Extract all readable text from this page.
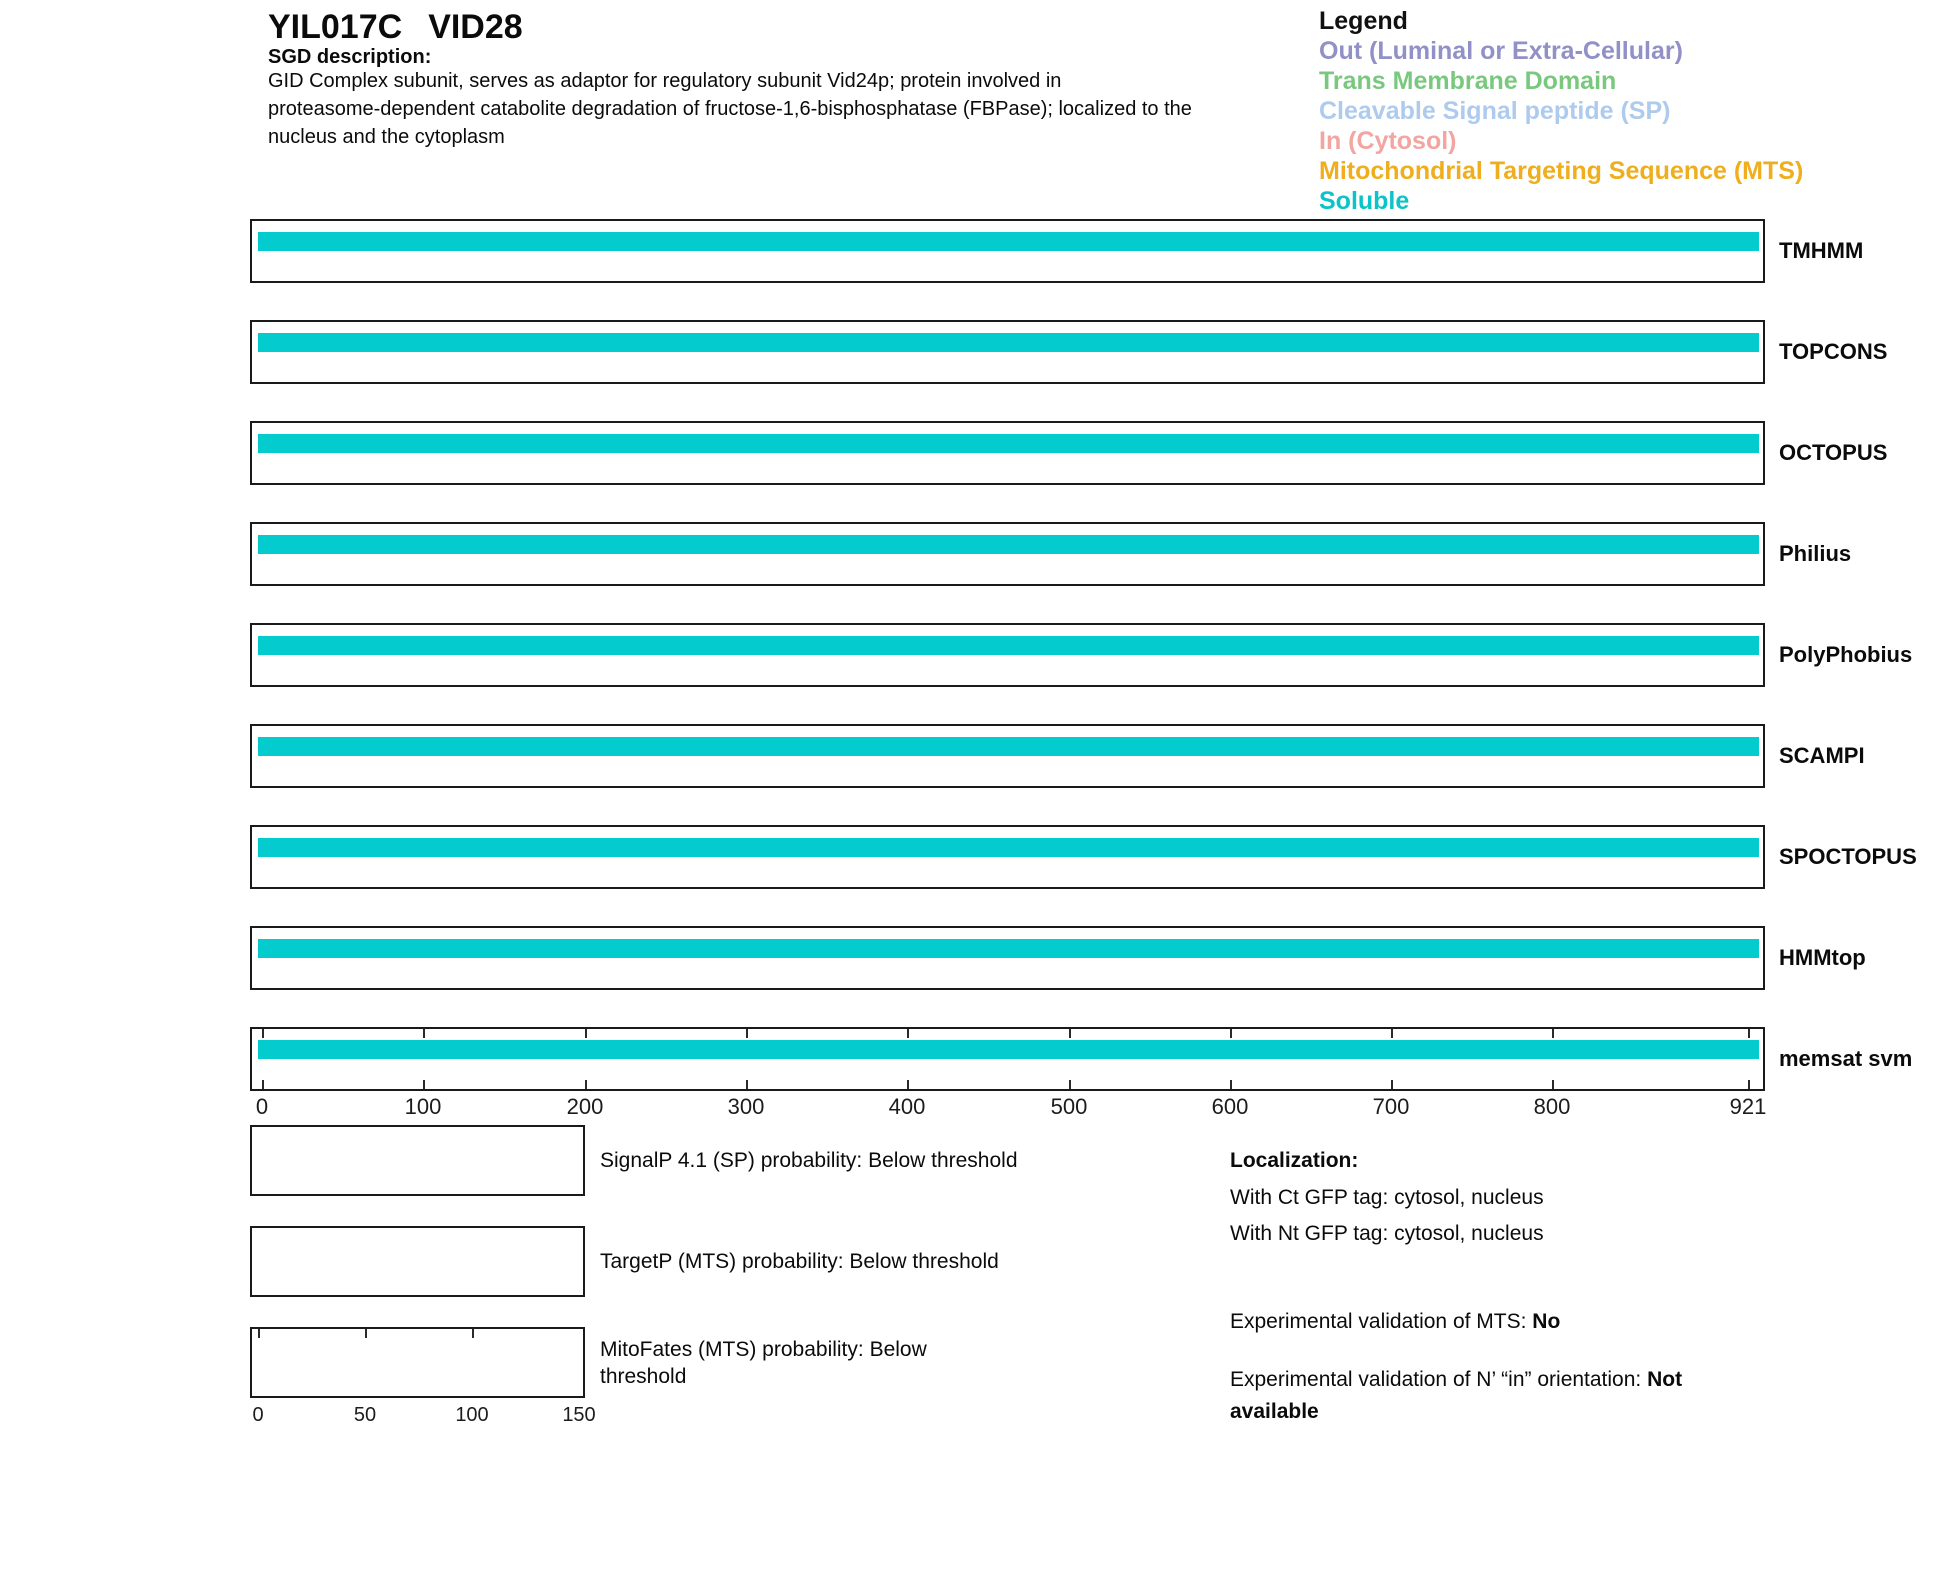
YIL017C VID28
SGD description:
GID Complex subunit, serves as adaptor for regulatory subunit Vid24p; protein involved in
proteasome-dependent catabolite degradation of fructose-1,6-bisphosphatase (FBPase); localized to the
nucleus and the cytoplasm
Legend
Out (Luminal or Extra-Cellular)
Trans Membrane Domain
Cleavable Signal peptide (SP)
In (Cytosol)
Mitochondrial Targeting Sequence (MTS)
Soluble
TMHMM
TOPCONS
OCTOPUS
Philius
PolyPhobius
SCAMPI
SPOCTOPUS
HMMtop
memsat svm
0	100	200	300	400	500	600	700	800	921
SignalP 4.1 (SP) probability: Below threshold
TargetP (MTS) probability: Below threshold
MitoFates (MTS) probability: Below
threshold
0	50	100	150
Localization:
With Ct GFP tag: cytosol, nucleus
With Nt GFP tag: cytosol, nucleus
Experimental validation of MTS: No
Experimental validation of N’ “in” orientation: Not
available
